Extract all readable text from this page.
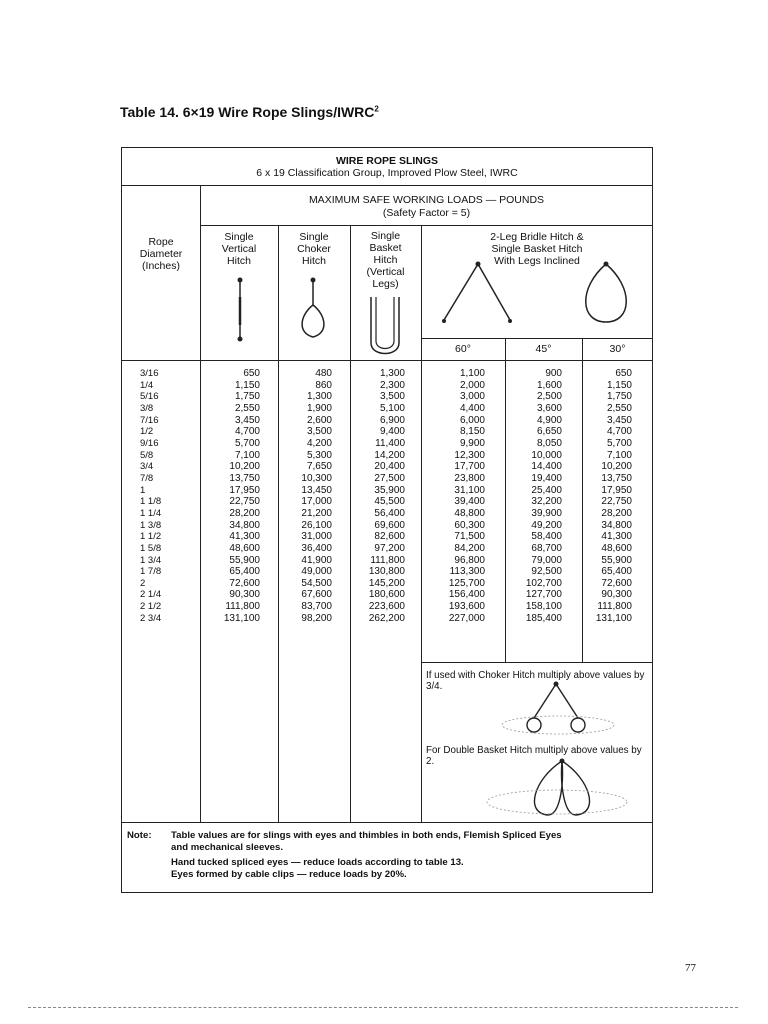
Table 14. 6×19 Wire Rope Slings/IWRC$^2$
WIRE ROPE SLINGS
6 x 19 Classification Group, Improved Plow Steel, IWRC
MAXIMUM SAFE WORKING LOADS — POUNDS
(Safety Factor = 5)
Rope
Diameter
(Inches)
Single
Vertical
Hitch
Single
Choker
Hitch
Single
Basket
Hitch
(Vertical
Legs)
2-Leg Bridle Hitch &
Single Basket Hitch
With Legs Inclined
60°	45°	30°
3/16
1/4
5/16
3/8
7/16
1/2
9/16
5/8
3/4
7/8
1
1 1/8
1 1/4
1 3/8
1 1/2
1 5/8
1 3/4
1 7/8
2
2 1/4
2 1/2
2 3/4
650
1,150
1,750
2,550
3,450
4,700
5,700
7,100
10,200
13,750
17,950
22,750
28,200
34,800
41,300
48,600
55,900
65,400
72,600
90,300
111,800
131,100
480
860
1,300
1,900
2,600
3,500
4,200
5,300
7,650
10,300
13,450
17,000
21,200
26,100
31,000
36,400
41,900
49,000
54,500
67,600
83,700
98,200
1,300
2,300
3,500
5,100
6,900
9,400
11,400
14,200
20,400
27,500
35,900
45,500
56,400
69,600
82,600
97,200
111,800
130,800
145,200
180,600
223,600
262,200
1,100
2,000
3,000
4,400
6,000
8,150
9,900
12,300
17,700
23,800
31,100
39,400
48,800
60,300
71,500
84,200
96,800
113,300
125,700
156,400
193,600
227,000
900
1,600
2,500
3,600
4,900
6,650
8,050
10,000
14,400
19,400
25,400
32,200
39,900
49,200
58,400
68,700
79,000
92,500
102,700
127,700
158,100
185,400
650
1,150
1,750
2,550
3,450
4,700
5,700
7,100
10,200
13,750
17,950
22,750
28,200
34,800
41,300
48,600
55,900
65,400
72,600
90,300
111,800
131,100
If used with Choker Hitch multiply above values by 3/4.
For Double Basket Hitch multiply above values by 2.
Note: Table values are for slings with eyes and thimbles in both ends, Flemish Spliced Eyes
and mechanical sleeves.
Hand tucked spliced eyes — reduce loads according to table 13.
Eyes formed by cable clips — reduce loads by 20%.
77
